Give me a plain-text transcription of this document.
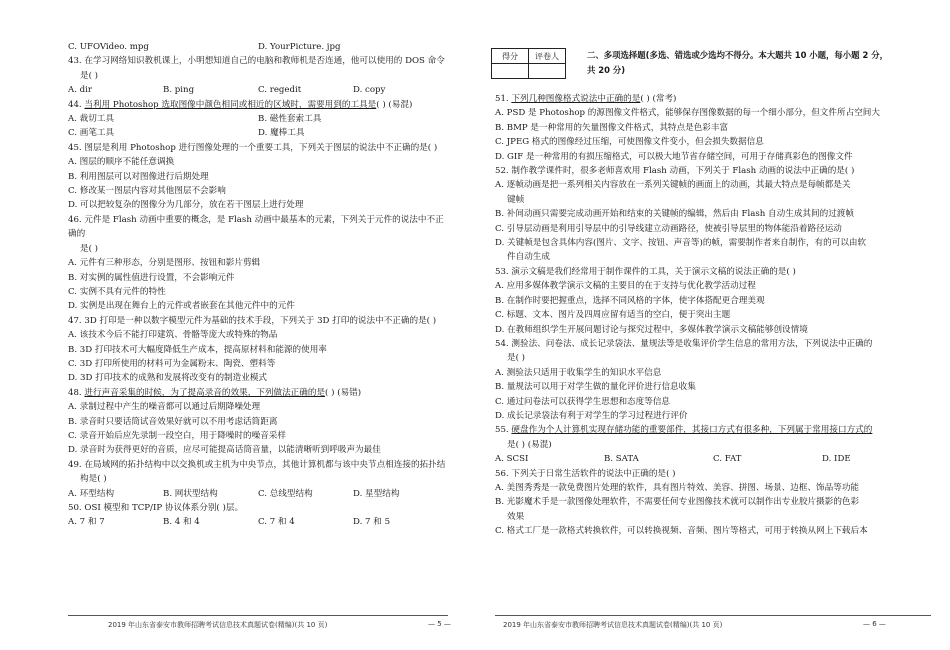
C. UFOVideo. mpg	D. YourPicture. jpg

43. 在学习网络知识教机课上，小明想知道自己的电脑和教师机是否连通，他可以使用的 DOS 命令

是( )

A. dir	B. ping	C. regedit	D. copy

44. 当利用 Photoshop 选取图像中颜色相同或相近的区域时，需要用到的工具是( ) (易混)

A. 裁切工具	B. 磁性套索工具
C. 画笔工具	D. 魔棒工具

45. 图层是利用 Photoshop 进行图像处理的一个重要工具，下列关于图层的说法中不正确的是( )

A. 图层的顺序不能任意调换

B. 利用图层可以对图像进行后期处理

C. 修改某一图层内容对其他图层不会影响

D. 可以把较复杂的图像分为几部分，放在若干图层上进行处理

46. 元件是 Flash 动画中重要的概念，是 Flash 动画中最基本的元素，下列关于元件的说法中不正确的

是( )

A. 元件有三种形态，分别是图形、按钮和影片剪辑

B. 对实例的属性值进行设置，不会影响元件

C. 实例不具有元件的特性

D. 实例是出现在舞台上的元件或者嵌套在其他元件中的元件

47. 3D 打印是一种以数字模型元件为基础的技术手段，下列关于 3D 打印的说法中不正确的是( )

A. 该技术今后不能打印建筑、骨骼等庞大或特殊的物品

B. 3D 打印技术可大幅度降低生产成本，提高原材料和能源的使用率

C. 3D 打印所使用的材料可为金属粉末、陶瓷、塑料等

D. 3D 打印技术的成熟和发展将改变有的制造业模式

48. 进行声音采集的时候，为了提高录音的效果，下列做法正确的是( ) (易错)

A. 录制过程中产生的噪音都可以通过后期降噪处理

B. 录音时只要话筒试音效果好就可以不用考虑话筒距离

C. 录音开始后应先录制一段空白，用于降噪时的噪音采样

D. 录音时为获得更好的音质，应尽可能提高话筒音量，以能清晰听到呼吸声为最佳

49. 在局域网的拓扑结构中以交换机或主机为中央节点，其他计算机都与该中央节点相连接的拓扑结

构是( )

A. 环型结构	B. 网状型结构	C. 总线型结构	D. 星型结构

50. OSI 模型和 TCP/IP 协议体系分别( )层。

A. 7 和 7	B. 4 和 4	C. 7 和 4	D. 7 和 5
2019 年山东省泰安市教师招聘考试信息技术真题试卷(精编)(共 10 页)	— 5 —
得分	评卷人
		二、多项选择题(多选、错选或少选均不得分。本大题共 10 小题，每小题 2 分，
共 20 分)

51. 下列几种图像格式说法中正确的是( ) (常考)

A. PSD 是 Photoshop 的源图像文件格式，能够保存图像数据的每一个细小部分，但文件所占空间大

B. BMP 是一种常用的矢量图像文件格式，其特点是色彩丰富

C. JPEG 格式的图像经过压缩，可使图像文件变小，但会损失数据信息

D. GIF 是一种常用的有损压缩格式，可以极大地节省存储空间，可用于存储真彩色的图像文件

52. 制作教学课件时，很多老师喜欢用 Flash 动画，下列关于 Flash 动画的说法中正确的是( )

A. 逐帧动画是把一系列相关内容放在一系列关键帧的画面上的动画，其最大特点是每帧都是关

键帧

B. 补间动画只需要完成动画开始和结束的关键帧的编辑，然后由 Flash 自动生成其间的过渡帧

C. 引导层动画是利用引导层中的引导线建立动画路径，使被引导层里的物体能沿着路径运动

D. 关键帧是包含具体内容(图片、文字、按钮、声音等)的帧，需要制作者来自制作，有的可以由软

件自动生成

53. 演示文稿是我们经常用于制作课件的工具，关于演示文稿的说法正确的是( )

A. 应用多媒体教学演示文稿的主要目的在于支持与优化教学活动过程

B. 在制作时要把握重点，选择不同风格的字体，使字体搭配更合理美观

C. 标题、文本、图片及四周应留有适当的空白，便于突出主题

D. 在教师组织学生开展问题讨论与探究过程中，多媒体教学演示文稿能够创设情境

54. 测验法、问卷法、成长记录袋法、量规法等是收集评价学生信息的常用方法，下列说法中正确的

是( )

A. 测验法只适用于收集学生的知识水平信息

B. 量规法可以用于对学生做的量化评价进行信息收集

C. 通过问卷法可以获得学生思想和态度等信息

D. 成长记录袋法有利于对学生的学习过程进行评价

55. 硬盘作为个人计算机实现存储功能的重要部件，其接口方式有很多种，下列属于常用接口方式的

是( ) (易混)

A. SCSI	B. SATA	C. FAT	D. IDE

56. 下列关于日常生活软件的说法中正确的是( )

A. 美图秀秀是一款免费图片处理的软件，具有图片特效、美容、拼图、场景、边框、饰品等功能

B. 光影魔术手是一款图像处理软件，不需要任何专业图像技术就可以制作出专业胶片摄影的色彩

效果

C. 格式工厂是一款格式转换软件，可以转换视频、音频、图片等格式，可用于转换从网上下载后本

2019 年山东省泰安市教师招聘考试信息技术真题试卷(精编)(共 10 页)	— 6 —
